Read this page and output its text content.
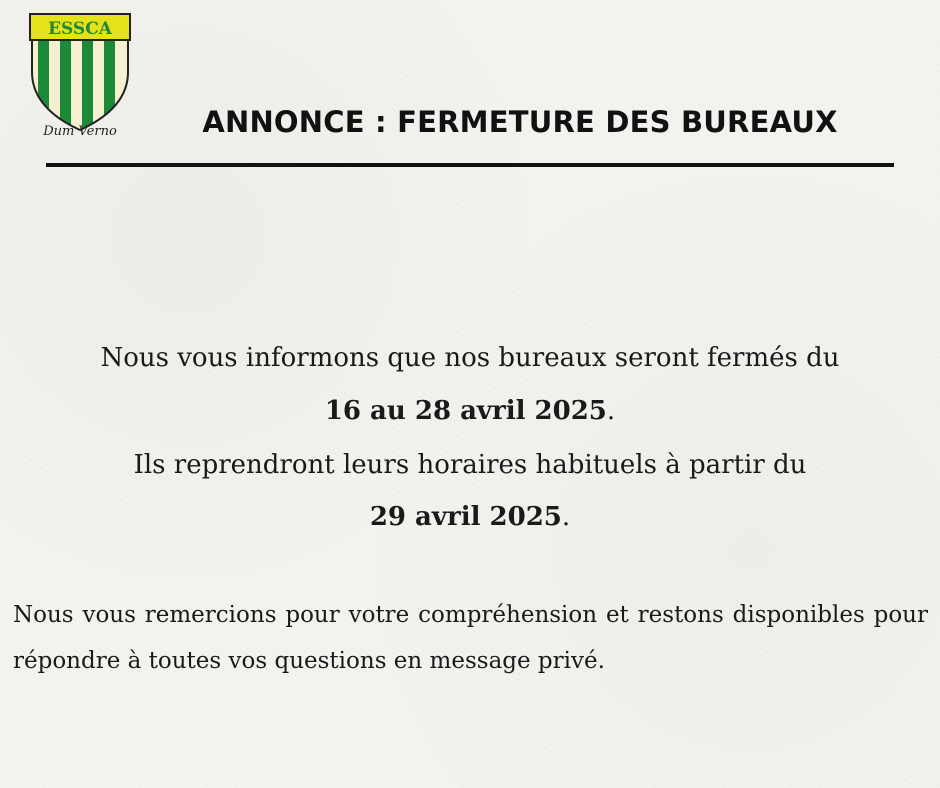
ESSCA
Dum Verno	ANNONCE : FERMETURE DES BUREAUX
Nous vous informons que nos bureaux seront fermés du
16 au 28 avril 2025.
Ils reprendront leurs horaires habituels à partir du
29 avril 2025.
Nous vous remercions pour votre compréhension et restons disponibles pour répondre à toutes vos questions en message privé.
